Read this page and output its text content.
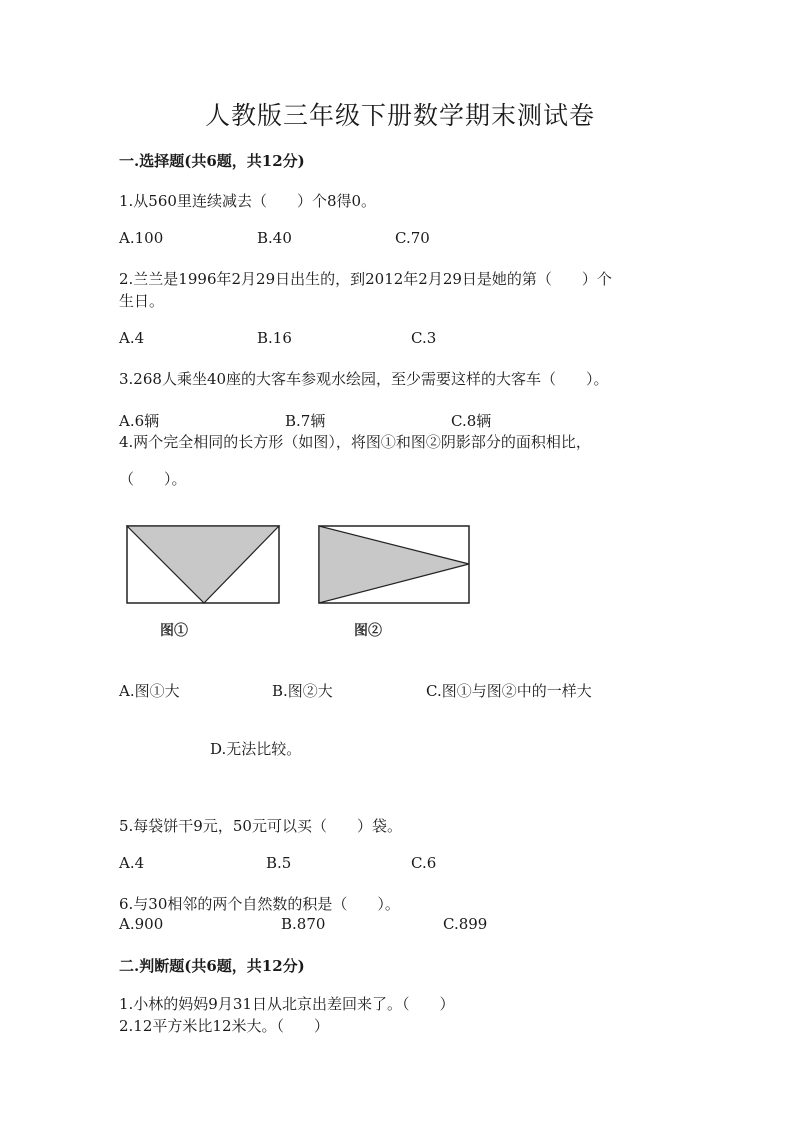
人教版三年级下册数学期末测试卷
一.选择题(共6题，共12分)
1.从560里连续减去（　　）个8得0。
A.100	B.40	C.70
2.兰兰是1996年2月29日出生的，到2012年2月29日是她的第（　　）个
生日。
A.4	B.16	C.3
3.268人乘坐40座的大客车参观水绘园，至少需要这样的大客车（　　）。
A.6辆	B.7辆	C.8辆
4.两个完全相同的长方形（如图），将图①和图②阴影部分的面积相比，
（　　）。
图①	图②
A.图①大	B.图②大	C.图①与图②中的一样大
D.无法比较。
5.每袋饼干9元，50元可以买（　　）袋。
A.4	B.5	C.6
6.与30相邻的两个自然数的积是（　　）。
A.900	B.870	C.899
二.判断题(共6题，共12分)
1.小林的妈妈9月31日从北京出差回来了。（　　）
2.12平方米比12米大。（　　）
